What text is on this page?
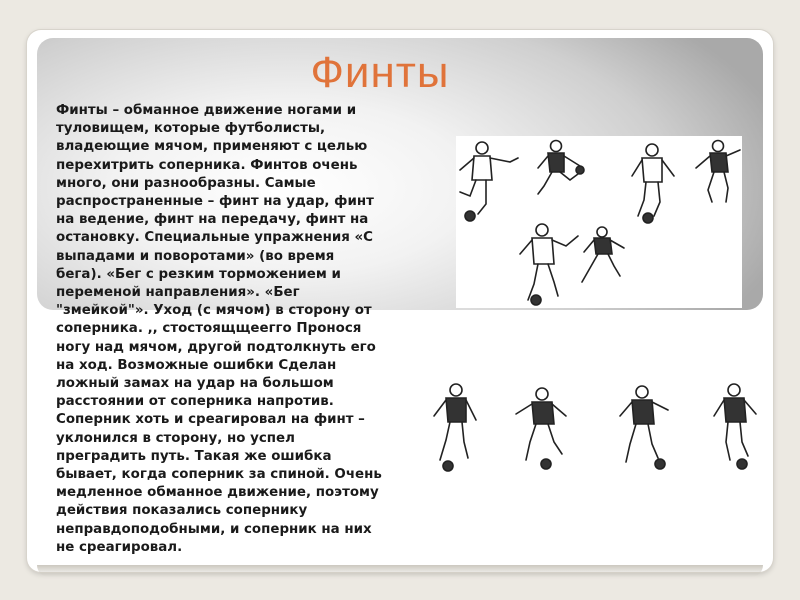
Финты
Финты – обманное движение ногами и
туловищем, которые футболисты,
владеющие мячом, применяют с целью
перехитрить соперника. Финтов очень
много, они разнообразны. Самые
распространенные – финт на удар, финт
на ведение, финт на передачу, финт на
остановку. Специальные упражнения «С
выпадами и поворотами» (во время
бега). «Бег с резким торможением и
переменой направления». «Бег
"змейкой"». Уход (с мячом) в сторону от
соперника. ,, стостоящщеегго Пронося
ногу над мячом, другой подтолкнуть его
на ход. Возможные ошибки Сделан
ложный замах на удар на большом
расстоянии от соперника напротив.
Соперник хоть и среагировал на финт –
уклонился в сторону, но успел
преградить путь. Такая же ошибка
бывает, когда соперник за спиной. Очень
медленное обманное движение, поэтому
действия показались сопернику
неправдоподобными, и соперник на них
не среагировал.
